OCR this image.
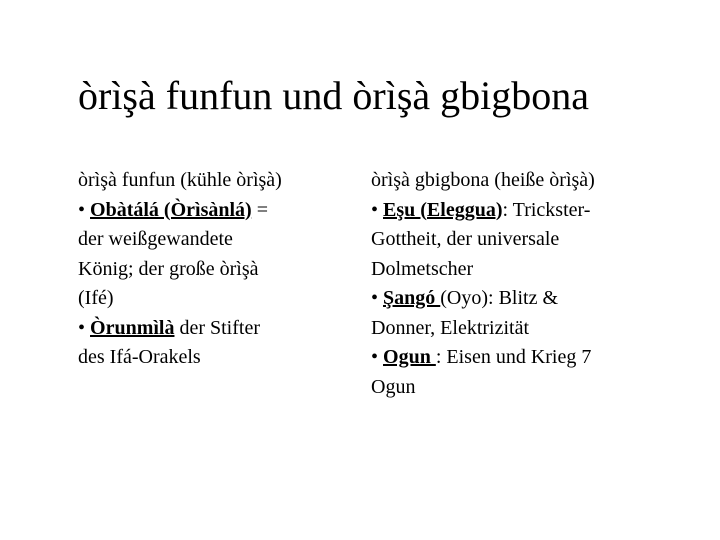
òrìşà funfun und òrìşà gbigbona
òrìşà funfun (kühle òrìşà)
• Obàtálá (Òrìsànlá) =
der weißgewandete
König; der große òrìşà
(Ifé)
• Òrunmìlà der Stifter
des Ifá-Orakels
òrìşà gbigbona (heiße òrìşà)
• Eşu (Eleggua): Trickster-
Gottheit, der universale
Dolmetscher
• Şangó (Oyo): Blitz &
Donner, Elektrizität
• Ogun : Eisen und Krieg 7
Ogun
